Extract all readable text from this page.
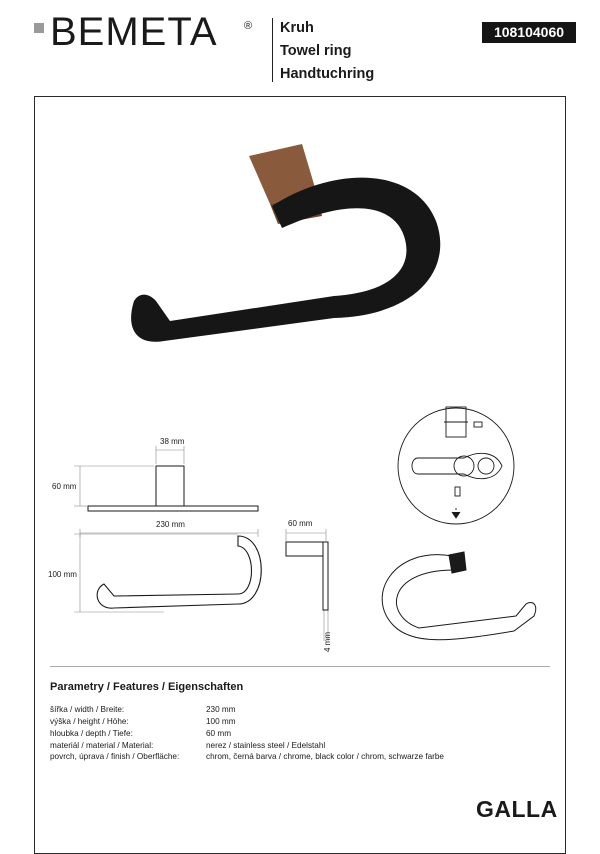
BEMETA ® Kruh
Towel ring
Handtuchring
108104060
38 mm
60 mm
230 mm	60 mm
100 mm
4 mm
Parametry / Features / Eigenschaften
šířka / width / Breite:	230 mm
výška / height / Höhe:	100 mm
hloubka / depth / Tiefe:	60 mm
materiál / material / Material:	nerez / stainless steel / Edelstahl
povrch, úprava / finish / Oberfläche:	chrom, černá barva / chrome, black color / chrom, schwarze farbe
GALLA
